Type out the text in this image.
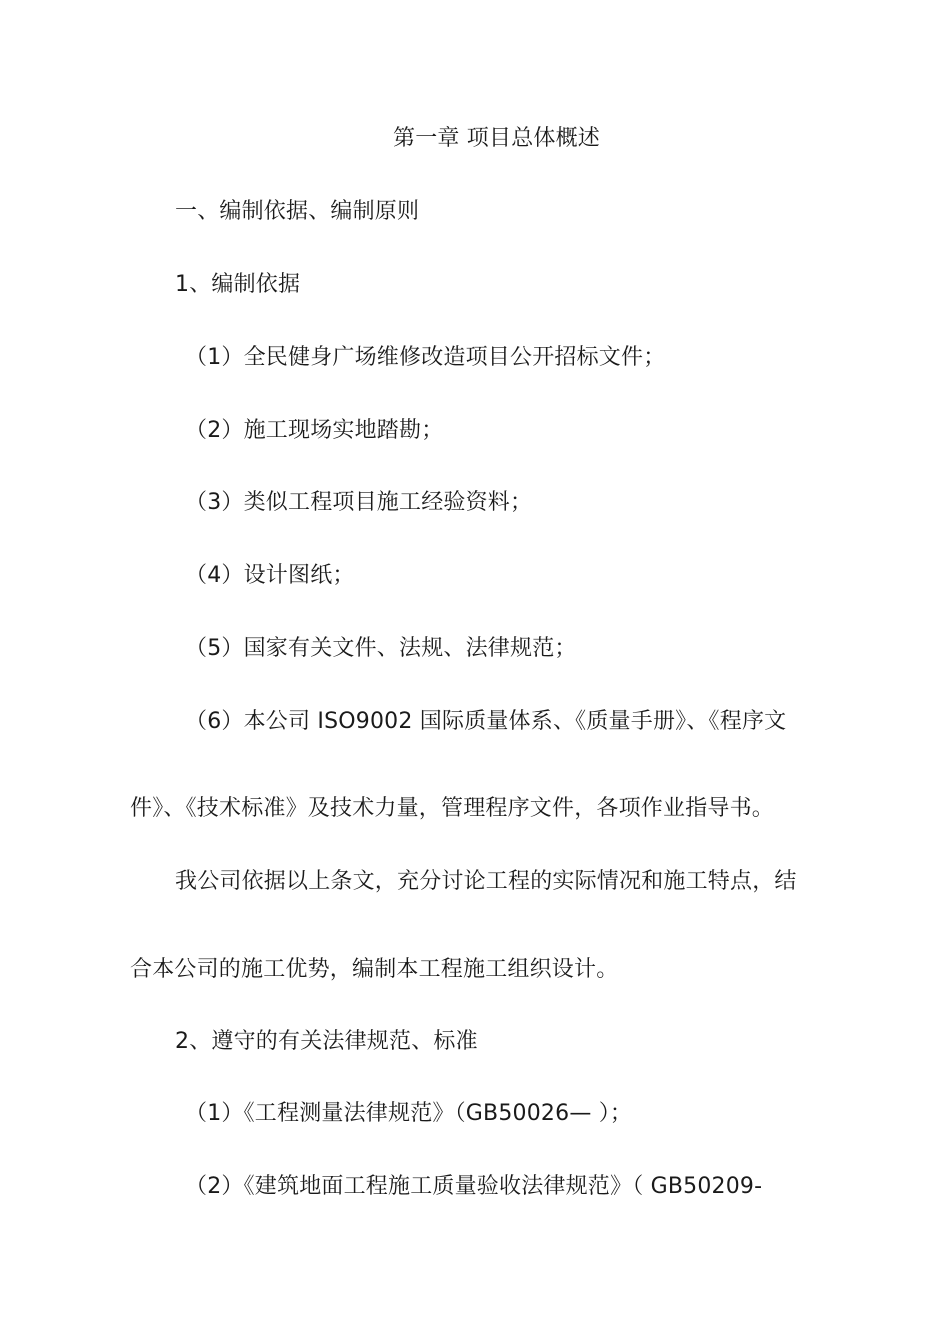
第一章 项目总体概述
一、编制依据、编制原则
1、编制依据
（1）全民健身广场维修改造项目公开招标文件；
（2）施工现场实地踏勘；
（3）类似工程项目施工经验资料；
（4）设计图纸；
（5）国家有关文件、法规、法律规范；
（6）本公司 ISO9002 国际质量体系、《质量手册》、《程序文
件》、《技术标准》及技术力量，管理程序文件，各项作业指导书。
我公司依据以上条文，充分讨论工程的实际情况和施工特点，结
合本公司的施工优势，编制本工程施工组织设计。
2、遵守的有关法律规范、标准
（1）《工程测量法律规范》（GB50026— ）；
（2）《建筑地面工程施工质量验收法律规范》（ GB50209-
